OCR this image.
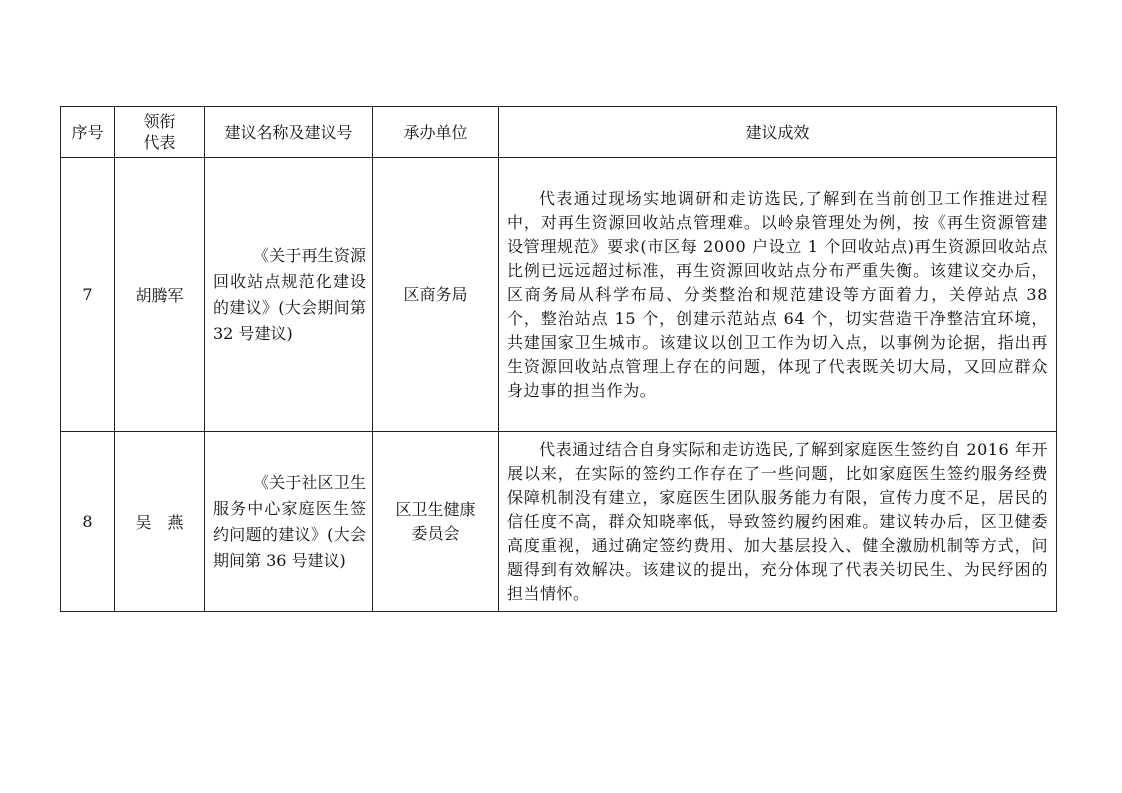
序号	领衔代表	建议名称及建议号	承办单位	建议成效
7	胡腾军	《关于再生资源回收站点规范化建设的建议》(大会期间第 32 号建议)	区商务局	代表通过现场实地调研和走访选民,了解到在当前创卫工作推进过程中，对再生资源回收站点管理难。以岭泉管理处为例，按《再生资源管建设管理规范》要求(市区每 2000 户设立 1 个回收站点)再生资源回收站点比例已远远超过标准，再生资源回收站点分布严重失衡。该建议交办后，区商务局从科学布局、分类整治和规范建设等方面着力，关停站点 38 个，整治站点 15 个，创建示范站点 64 个，切实营造干净整洁宜环境，共建国家卫生城市。该建议以创卫工作为切入点，以事例为论据，指出再生资源回收站点管理上存在的问题，体现了代表既关切大局，又回应群众身边事的担当作为。
8	吴　燕	《关于社区卫生服务中心家庭医生签约问题的建议》(大会期间第 36 号建议)	区卫生健康委员会	代表通过结合自身实际和走访选民,了解到家庭医生签约自 2016 年开展以来，在实际的签约工作存在了一些问题，比如家庭医生签约服务经费保障机制没有建立，家庭医生团队服务能力有限，宣传力度不足，居民的信任度不高，群众知晓率低，导致签约履约困难。建议转办后，区卫健委高度重视，通过确定签约费用、加大基层投入、健全激励机制等方式，问题得到有效解决。该建议的提出，充分体现了代表关切民生、为民纾困的担当情怀。
